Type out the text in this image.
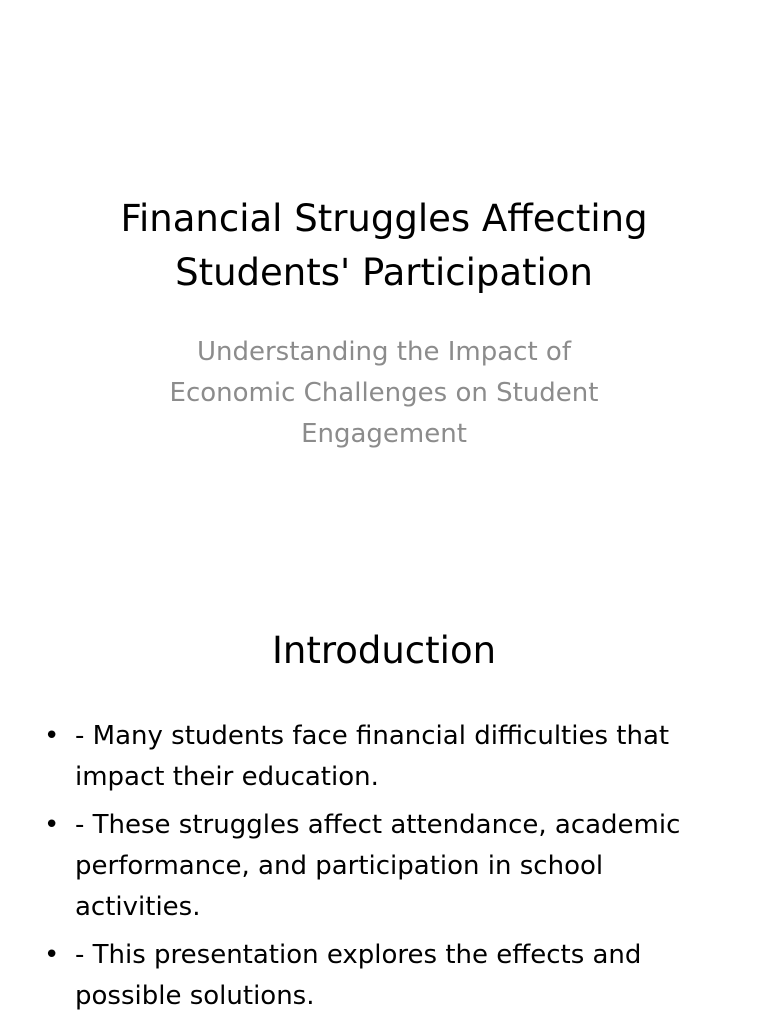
Financial Struggles Affecting
Students' Participation

Understanding the Impact of
Economic Challenges on Student
Engagement

Introduction
• - Many students face financial difficulties that impact their education.
• - These struggles affect attendance, academic performance, and participation in school activities.
• - This presentation explores the effects and possible solutions.
